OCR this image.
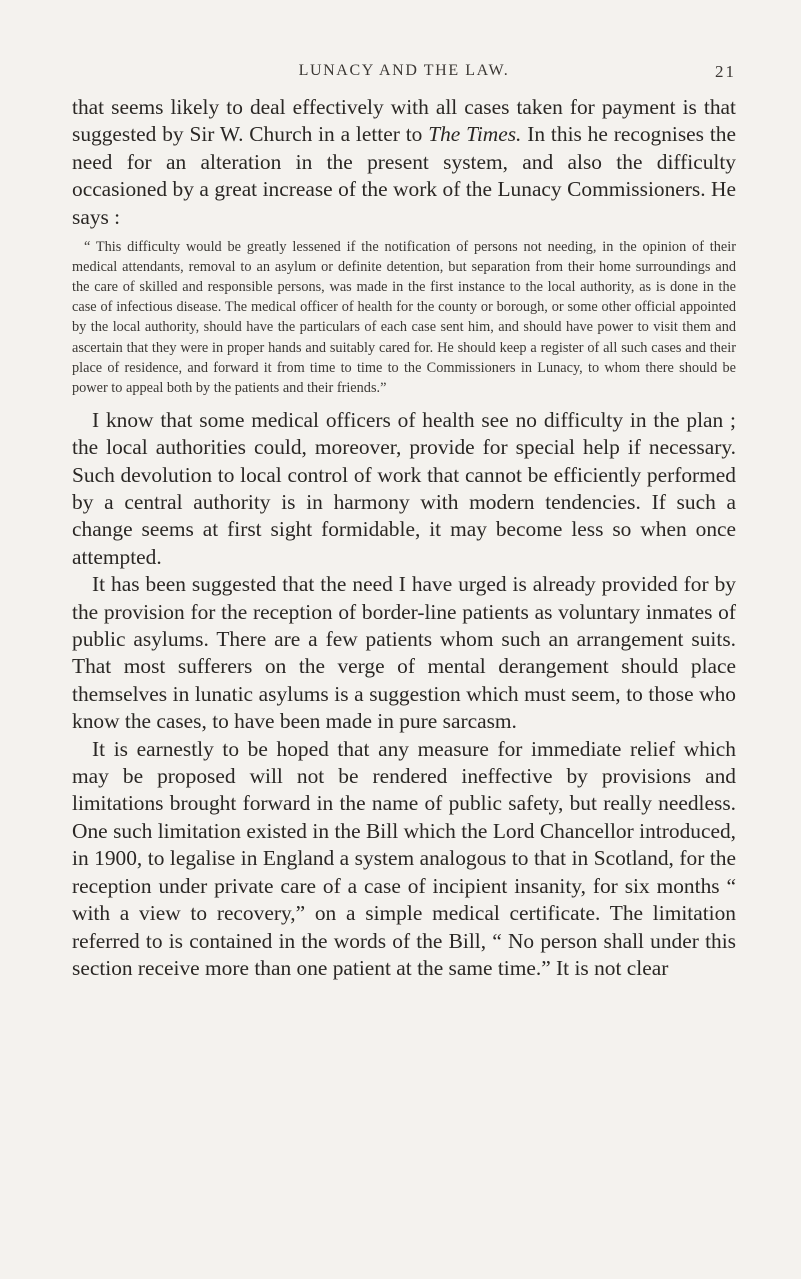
LUNACY AND THE LAW.	21

that seems likely to deal effectively with all cases taken for payment is that suggested by Sir W. Church in a letter to The Times. In this he recognises the need for an alteration in the present system, and also the difficulty occasioned by a great increase of the work of the Lunacy Commissioners. He says :

“ This difficulty would be greatly lessened if the notification of persons not needing, in the opinion of their medical attendants, removal to an asylum or definite detention, but separation from their home surroundings and the care of skilled and responsible persons, was made in the first instance to the local authority, as is done in the case of infectious disease. The medical officer of health for the county or borough, or some other official appointed by the local authority, should have the particulars of each case sent him, and should have power to visit them and ascertain that they were in proper hands and suitably cared for. He should keep a register of all such cases and their place of residence, and forward it from time to time to the Commissioners in Lunacy, to whom there should be power to appeal both by the patients and their friends.”

I know that some medical officers of health see no difficulty in the plan ; the local authorities could, moreover, provide for special help if necessary. Such devolution to local control of work that cannot be efficiently performed by a central authority is in harmony with modern tendencies. If such a change seems at first sight formidable, it may become less so when once attempted.

It has been suggested that the need I have urged is already provided for by the provision for the reception of border-line patients as voluntary inmates of public asylums. There are a few patients whom such an arrangement suits. That most sufferers on the verge of mental derangement should place themselves in lunatic asylums is a suggestion which must seem, to those who know the cases, to have been made in pure sarcasm.

It is earnestly to be hoped that any measure for immediate relief which may be proposed will not be rendered ineffective by provisions and limitations brought forward in the name of public safety, but really needless. One such limitation existed in the Bill which the Lord Chancellor introduced, in 1900, to legalise in England a system analogous to that in Scotland, for the reception under private care of a case of incipient insanity, for six months “ with a view to recovery,” on a simple medical certificate. The limitation referred to is contained in the words of the Bill, “ No person shall under this section receive more than one patient at the same time.” It is not clear
